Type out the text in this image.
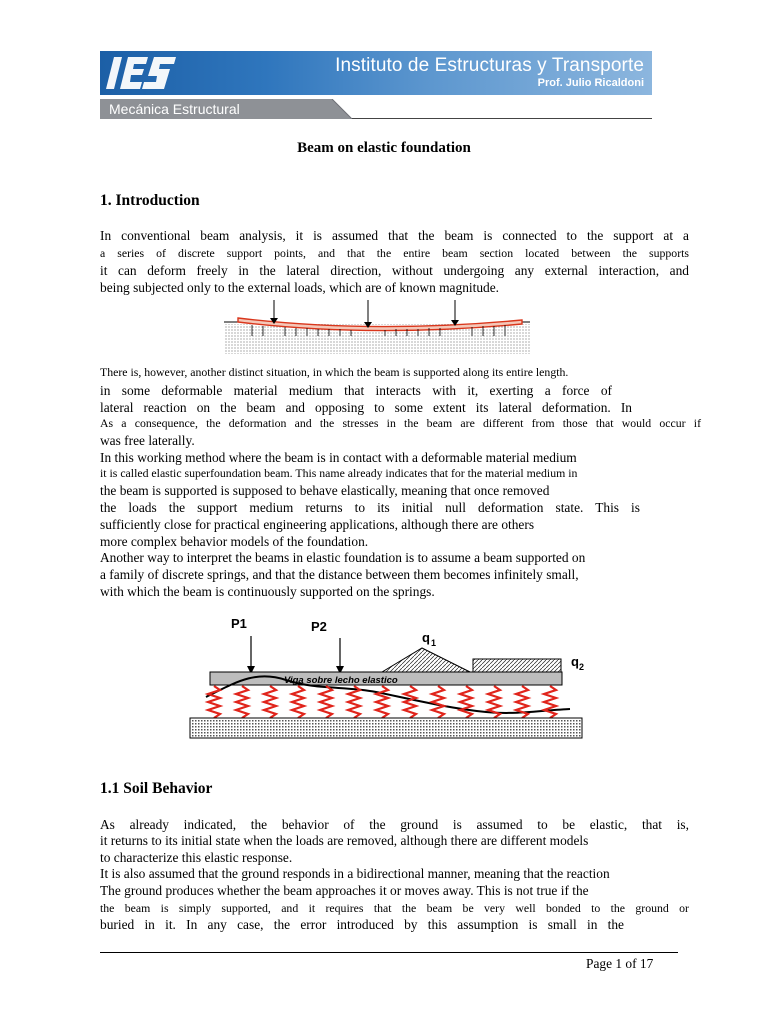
Instituto de Estructuras y Transporte
Prof. Julio Ricaldoni
Mecánica Estructural
Beam on elastic foundation
1. Introduction
In conventional beam analysis, it is assumed that the beam is connected to the support at a
a series of discrete support points, and that the entire beam section located between the supports
it can deform freely in the lateral direction, without undergoing any external interaction, and
being subjected only to the external loads, which are of known magnitude.
There is, however, another distinct situation, in which the beam is supported along its entire length.
in some deformable material medium that interacts with it, exerting a force of
lateral reaction on the beam and opposing to some extent its lateral deformation. In
As a consequence, the deformation and the stresses in the beam are different from those that would occur if
was free laterally.
In this working method where the beam is in contact with a deformable material medium
it is called elastic superfoundation beam. This name already indicates that for the material medium in
the beam is supported is supposed to behave elastically, meaning that once removed
the loads the support medium returns to its initial null deformation state. This is
sufficiently close for practical engineering applications, although there are others
more complex behavior models of the foundation.
Another way to interpret the beams in elastic foundation is to assume a beam supported on
a family of discrete springs, and that the distance between them becomes infinitely small,
with which the beam is continuously supported on the springs.
P1	P2
q 1
q 2
Viga sobre lecho elastico
1.1 Soil Behavior
As already indicated, the behavior of the ground is assumed to be elastic, that is,
it returns to its initial state when the loads are removed, although there are different models
to characterize this elastic response.
It is also assumed that the ground responds in a bidirectional manner, meaning that the reaction
The ground produces whether the beam approaches it or moves away. This is not true if the
the beam is simply supported, and it requires that the beam be very well bonded to the ground or
buried in it. In any case, the error introduced by this assumption is small in the
Page 1 of 17
